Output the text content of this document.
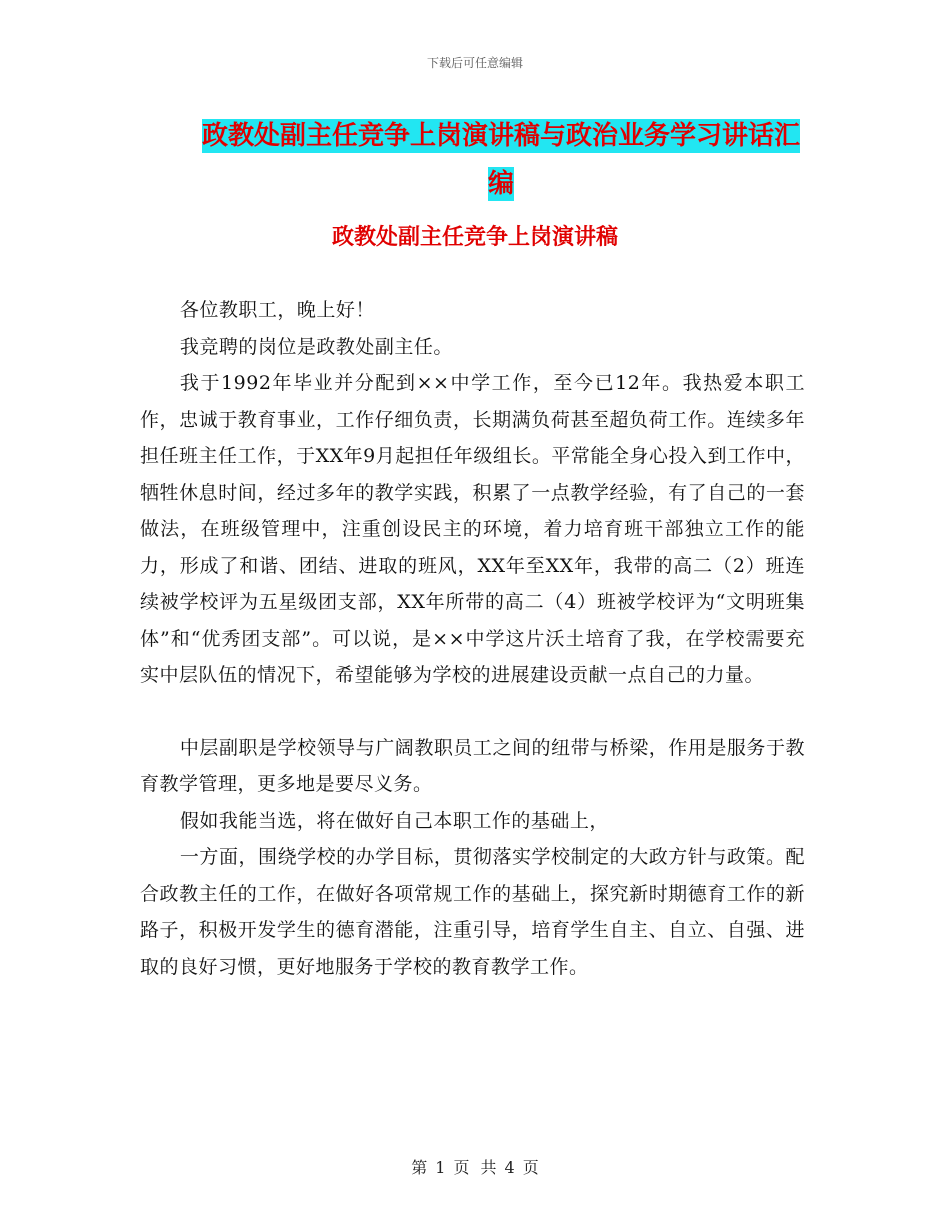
下载后可任意编辑
政教处副主任竞争上岗演讲稿与政治业务学习讲话汇编
政教处副主任竞争上岗演讲稿

各位教职工，晚上好！

我竞聘的岗位是政教处副主任。

我于1992年毕业并分配到××中学工作，至今已12年。我热爱本职工作，忠诚于教育事业，工作仔细负责，长期满负荷甚至超负荷工作。连续多年担任班主任工作，于XX年9月起担任年级组长。平常能全身心投入到工作中，牺牲休息时间，经过多年的教学实践，积累了一点教学经验，有了自己的一套做法，在班级管理中，注重创设民主的环境，着力培育班干部独立工作的能力，形成了和谐、团结、进取的班风，XX年至XX年，我带的高二（2）班连续被学校评为五星级团支部，XX年所带的高二（4）班被学校评为“文明班集体”和“优秀团支部”。可以说，是××中学这片沃土培育了我，在学校需要充实中层队伍的情况下，希望能够为学校的进展建设贡献一点自己的力量。

中层副职是学校领导与广阔教职员工之间的纽带与桥梁，作用是服务于教育教学管理，更多地是要尽义务。

假如我能当选，将在做好自己本职工作的基础上，

一方面，围绕学校的办学目标，贯彻落实学校制定的大政方针与政策。配合政教主任的工作，在做好各项常规工作的基础上，探究新时期德育工作的新路子，积极开发学生的德育潜能，注重引导，培育学生自主、自立、自强、进取的良好习惯，更好地服务于学校的教育教学工作。

第 1 页 共 4 页
